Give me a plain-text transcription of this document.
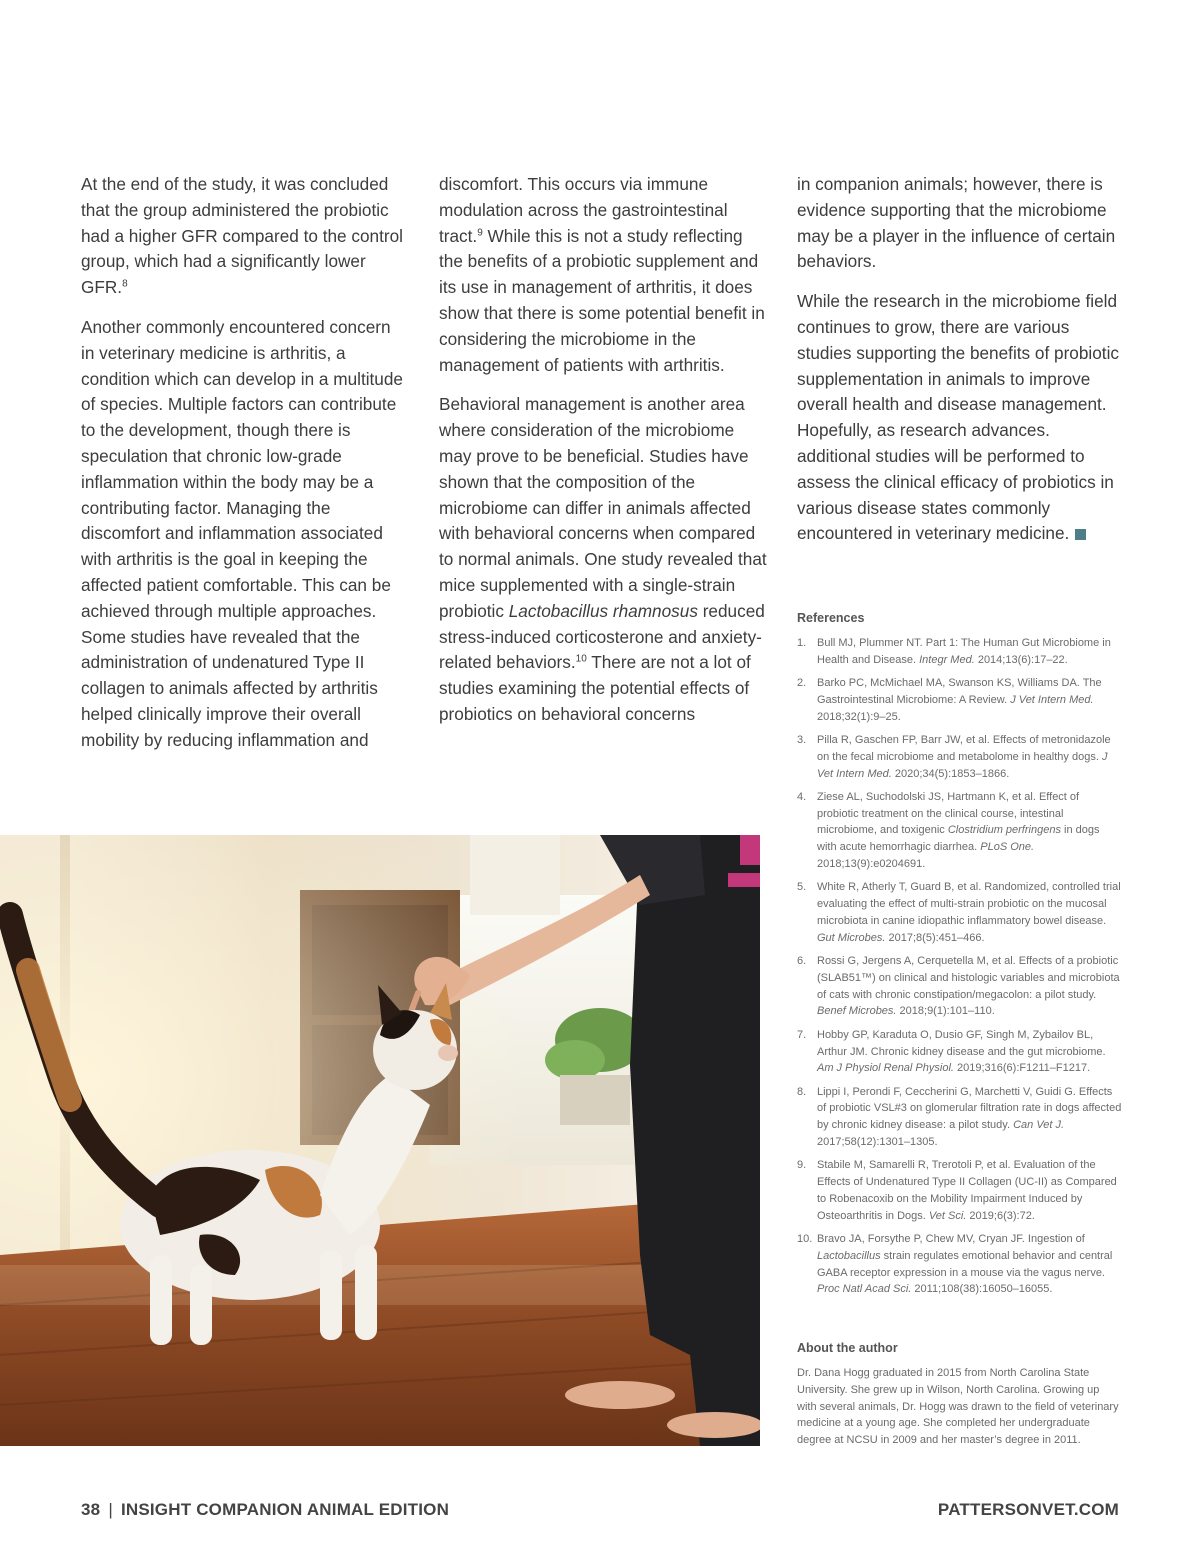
At the end of the study, it was concluded that the group administered the probiotic had a higher GFR compared to the control group, which had a significantly lower GFR.$^8$

Another commonly encountered concern in veterinary medicine is arthritis, a condition which can develop in a multitude of species. Multiple factors can contribute to the development, though there is speculation that chronic low-grade inflammation within the body may be a contributing factor. Managing the discomfort and inflammation associated with arthritis is the goal in keeping the affected patient comfortable. This can be achieved through multiple approaches. Some studies have revealed that the administration of undenatured Type II collagen to animals affected by arthritis helped clinically improve their overall mobility by reducing inflammation and

discomfort. This occurs via immune modulation across the gastrointestinal tract.$^9$ While this is not a study reflecting the benefits of a probiotic supplement and its use in management of arthritis, it does show that there is some potential benefit in considering the microbiome in the management of patients with arthritis.

Behavioral management is another area where consideration of the microbiome may prove to be beneficial. Studies have shown that the composition of the microbiome can differ in animals affected with behavioral concerns when compared to normal animals. One study revealed that mice supplemented with a single-strain probiotic Lactobacillus rhamnosus reduced stress-induced corticosterone and anxiety-related behaviors.$^{10}$ There are not a lot of studies examining the potential effects of probiotics on behavioral concerns

in companion animals; however, there is evidence supporting that the microbiome may be a player in the influence of certain behaviors.

While the research in the microbiome field continues to grow, there are various studies supporting the benefits of probiotic supplementation in animals to improve overall health and disease management. Hopefully, as research advances. additional studies will be performed to assess the clinical efficacy of probiotics in various disease states commonly encountered in veterinary medicine.

References
1. Bull MJ, Plummer NT. Part 1: The Human Gut Microbiome in Health and Disease. Integr Med. 2014;13(6):17–22.
2. Barko PC, McMichael MA, Swanson KS, Williams DA. The Gastrointestinal Microbiome: A Review. J Vet Intern Med. 2018;32(1):9–25.
3. Pilla R, Gaschen FP, Barr JW, et al. Effects of metronidazole on the fecal microbiome and metabolome in healthy dogs. J Vet Intern Med. 2020;34(5):1853–1866.
4. Ziese AL, Suchodolski JS, Hartmann K, et al. Effect of probiotic treatment on the clinical course, intestinal microbiome, and toxigenic Clostridium perfringens in dogs with acute hemorrhagic diarrhea. PLoS One. 2018;13(9):e0204691.
5. White R, Atherly T, Guard B, et al. Randomized, controlled trial evaluating the effect of multi-strain probiotic on the mucosal microbiota in canine idiopathic inflammatory bowel disease. Gut Microbes. 2017;8(5):451–466.
6. Rossi G, Jergens A, Cerquetella M, et al. Effects of a probiotic (SLAB51™) on clinical and histologic variables and microbiota of cats with chronic constipation/megacolon: a pilot study. Benef Microbes. 2018;9(1):101–110.
7. Hobby GP, Karaduta O, Dusio GF, Singh M, Zybailov BL, Arthur JM. Chronic kidney disease and the gut microbiome. Am J Physiol Renal Physiol. 2019;316(6):F1211–F1217.
8. Lippi I, Perondi F, Ceccherini G, Marchetti V, Guidi G. Effects of probiotic VSL#3 on glomerular filtration rate in dogs affected by chronic kidney disease: a pilot study. Can Vet J. 2017;58(12):1301–1305.
9. Stabile M, Samarelli R, Trerotoli P, et al. Evaluation of the Effects of Undenatured Type II Collagen (UC-II) as Compared to Robenacoxib on the Mobility Impairment Induced by Osteoarthritis in Dogs. Vet Sci. 2019;6(3):72.
10. Bravo JA, Forsythe P, Chew MV, Cryan JF. Ingestion of Lactobacillus strain regulates emotional behavior and central GABA receptor expression in a mouse via the vagus nerve. Proc Natl Acad Sci. 2011;108(38):16050–16055.
About the author

Dr. Dana Hogg graduated in 2015 from North Carolina State University. She grew up in Wilson, North Carolina. Growing up with several animals, Dr. Hogg was drawn to the field of veterinary medicine at a young age. She completed her undergraduate degree at NCSU in 2009 and her master’s degree in 2011.

38 | INSIGHT COMPANION ANIMAL EDITION	PATTERSONVET.COM
